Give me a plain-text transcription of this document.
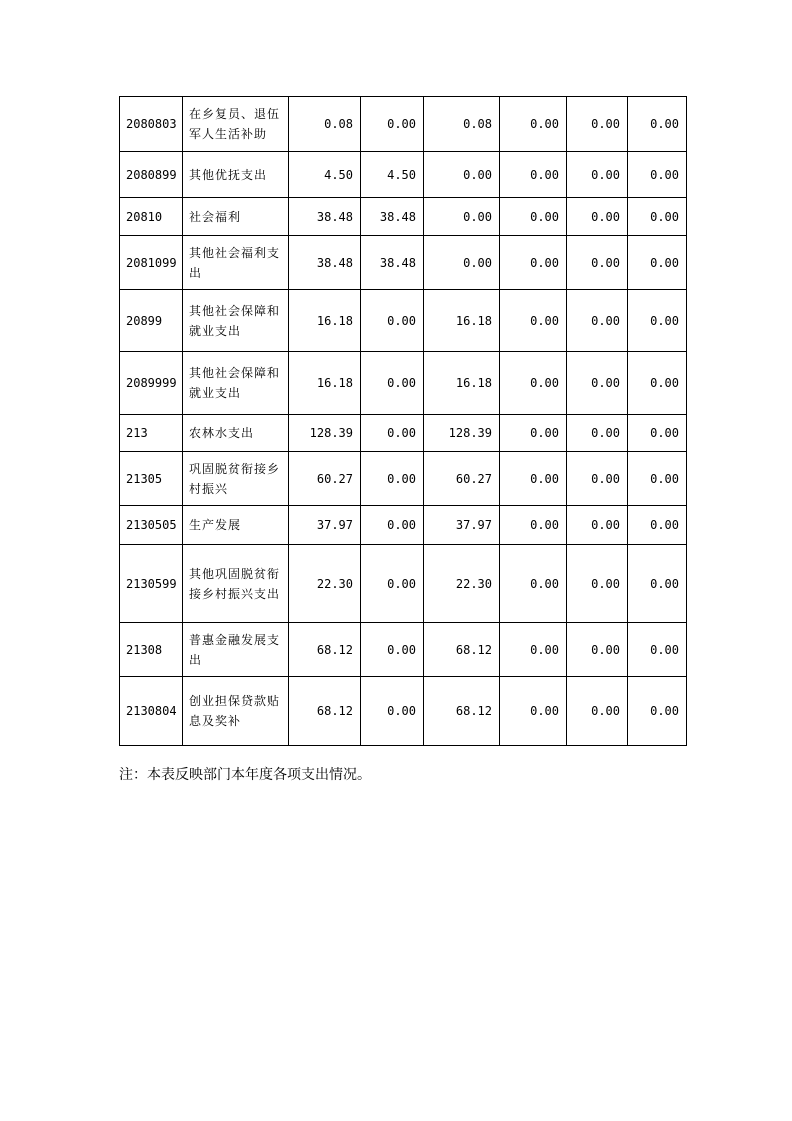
2080803	在乡复员、退伍军人生活补助	0.08	0.00	0.08	0.00	0.00	0.00
2080899	其他优抚支出	4.50	4.50	0.00	0.00	0.00	0.00
20810	社会福利	38.48	38.48	0.00	0.00	0.00	0.00
2081099	其他社会福利支出	38.48	38.48	0.00	0.00	0.00	0.00
20899	其他社会保障和就业支出	16.18	0.00	16.18	0.00	0.00	0.00
2089999	其他社会保障和就业支出	16.18	0.00	16.18	0.00	0.00	0.00
213	农林水支出	128.39	0.00	128.39	0.00	0.00	0.00
21305	巩固脱贫衔接乡村振兴	60.27	0.00	60.27	0.00	0.00	0.00
2130505	生产发展	37.97	0.00	37.97	0.00	0.00	0.00
2130599	其他巩固脱贫衔接乡村振兴支出	22.30	0.00	22.30	0.00	0.00	0.00
21308	普惠金融发展支出	68.12	0.00	68.12	0.00	0.00	0.00
2130804	创业担保贷款贴息及奖补	68.12	0.00	68.12	0.00	0.00	0.00
注：本表反映部门本年度各项支出情况。
